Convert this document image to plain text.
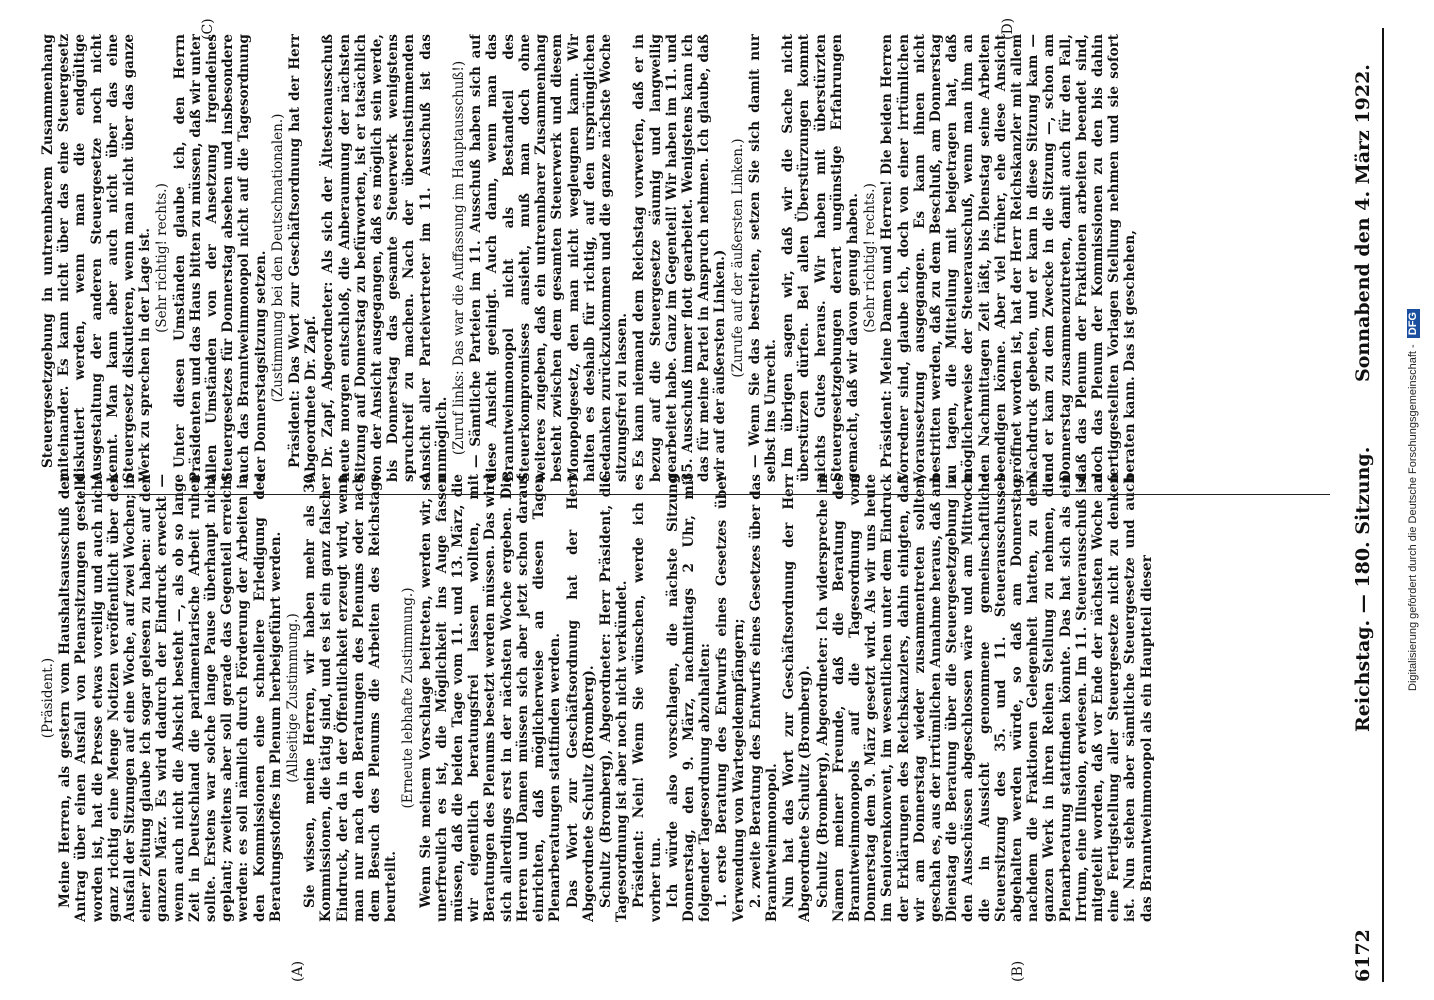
6172
Reichstag. — 180. Sitzung.
Sonnabend den 4. März 1922.
(A)	(B)
(C)	(D)

(Präsident.) Meine Herren, als gestern vom Haushaltsausschuß der Antrag über einen Ausfall von Plenarsitzungen gestellt worden ist, hat die Presse etwas voreilig und auch nicht ganz richtig eine Menge Notizen veröffentlicht über den Ausfall der Sitzungen auf eine Woche, auf zwei Wochen; in einer Zeitung glaube ich sogar gelesen zu haben: auf den ganzen März. Es wird dadurch der Eindruck erweckt — wenn auch nicht die Absicht besteht —, als ob so lange Zeit in Deutschland die parlamentarische Arbeit ruhen sollte. Erstens war solche lange Pause überhaupt nicht geplant; zweitens aber soll gerade das Gegenteil erreicht werden: es soll nämlich durch Förderung der Arbeiten in den Kommissionen eine schnellere Erledigung des Beratungsstoffes im Plenum herbeigeführt werden. (Allseitige Zustimmung.) Sie wissen, meine Herren, wir haben mehr als 30 Kommissionen, die tätig sind, und es ist ein ganz falscher Eindruck, der da in der Öffentlichkeit erzeugt wird, wenn man nur nach den Beratungen des Plenums oder nach dem Besuch des Plenums die Arbeiten des Reichstags beurteilt.

(Erneute lebhafte Zustimmung.) Wenn Sie meinem Vorschlage beitreten, werden wir, so unerfreulich es ist, die Möglichkeit ins Auge fassen müssen, daß die beiden Tage vom 11. und 13. März, die wir eigentlich beratungsfrei lassen wollten, mit Beratungen des Plenums besetzt werden müssen. Das wird sich allerdings erst in der nächsten Woche ergeben. Die Herren und Damen müssen sich aber jetzt schon darauf einrichten, daß möglicherweise an diesen Tagen Plenarberatungen stattfinden werden. Das Wort zur Geschäftsordnung hat der Herr Abgeordnete Schultz (Bromberg). Schultz (Bromberg), Abgeordneter: Herr Präsident, die Tagesordnung ist aber noch nicht verkündet. Präsident: Nein! Wenn Sie wünschen, werde ich es vorher tun. Ich würde also vorschlagen, die nächste Sitzung Donnerstag, den 9. März, nachmittags 2 Uhr, mit folgender Tagesordnung abzuhalten: 1. erste Beratung des Entwurfs eines Gesetzes über Verwendung von Wartegeldempfängern; 2. zweite Beratung des Entwurfs eines Gesetzes über das Branntweinmonopol. Nun hat das Wort zur Geschäftsordnung der Herr Abgeordnete Schultz (Bromberg). Schultz (Bromberg), Abgeordneter: Ich widerspreche im Namen meiner Freunde, daß die Beratung des Branntweinmonopols auf die Tagesordnung vom Donnerstag dem 9. März gesetzt wird. Als wir uns heute im Seniorenkonvent, im wesentlichen unter dem Eindruck der Erklärungen des Reichskanzlers, dahin einigten, daß wir am Donnerstag wieder zusammentreten sollten, geschah es, aus der irrtümlichen Annahme heraus, daß am Dienstag die Beratung über die Steuergesetzgebung in den Ausschüssen abgeschlossen wäre und am Mittwoch die in Aussicht genommene gemeinschaftliche Steuersitzung des 35. und 11. Steuerausschusses abgehalten werden würde, so daß am Donnerstag, nachdem die Fraktionen Gelegenheit hatten, zu dem ganzen Werk in ihren Reihen Stellung zu nehmen, die Plenarberatung stattfinden könnte. Das hat sich als ein Irrtum, eine Illusion, erwiesen. Im 11. Steuerausschuß ist mitgeteilt worden, daß vor Ende der nächsten Woche an eine Fertigstellung aller Steuergesetze nicht zu denken ist. Nun stehen aber sämtliche Steuergesetze und auch das Branntweinmonopol als ein Hauptteil dieser

Steuergesetzgebung in untrennbarem Zusammenhang miteinander. Es kann nicht über das eine Steuergesetz diskutiert werden, wenn man die endgültige Ausgestaltung der anderen Steuergesetze noch nicht kennt. Man kann aber auch nicht über das eine Steuergesetz diskutieren, wenn man nicht über das ganze Werk zu sprechen in der Lage ist. (Sehr richtig! rechts.) Unter diesen Umständen glaube ich, den Herrn Präsidenten und das Haus bitten zu müssen, daß wir unter allen Umständen von der Ansetzung irgendeines Steuergesetzes für Donnerstag absehen und insbesondere auch das Branntweinmonopol nicht auf die Tagesordnung der Donnerstagsitzung setzen. (Zustimmung bei den Deutschnationalen.) Präsident: Das Wort zur Geschäftsordnung hat der Herr Abgeordnete Dr. Zapf. Dr. Zapf, Abgeordneter: Als sich der Ältestenausschuß heute morgen entschloß, die Anberaumung der nächsten Sitzung auf Donnerstag zu befürworten, ist er tatsächlich von der Ansicht ausgegangen, daß es möglich sein werde, bis Donnerstag das gesamte Steuerwerk wenigstens spruchreif zu machen. Nach der übereinstimmenden Ansicht aller Parteivertreter im 11. Ausschuß ist das unmöglich. (Zuruf links: Das war die Auffassung im Hauptausschuß!) — Sämtliche Parteien im 11. Ausschuß haben sich auf diese Ansicht geeinigt. Auch dann, wenn man das Branntweinmonopol nicht als Bestandteil des Steuerkompromisses ansieht, muß man doch ohne weiteres zugeben, daß ein untrennbarer Zusammenhang besteht zwischen dem gesamten Steuerwerk und diesem Monopolgesetz, den man nicht wegleugnen kann. Wir halten es deshalb für richtig, auf den ursprünglichen Gedanken zurückzukommen und die ganze nächste Woche sitzungsfrei zu lassen. Es kann niemand dem Reichstag vorwerfen, daß er in bezug auf die Steuergesetze säumig und langweilig gearbeitet habe. Ganz im Gegenteil! Wir haben im 11. und 35. Ausschuß immer flott gearbeitet. Wenigstens kann ich das für meine Partei in Anspruch nehmen. Ich glaube, daß wir auf der äußersten Linken.) (Zurufe auf der äußersten Linken.) — Wenn Sie das bestreiten, setzen Sie sich damit nur selbst ins Unrecht. Im übrigen sagen wir, daß wir die Sache nicht überstürzen dürfen. Bei allen Überstürzungen kommt nichts Gutes heraus. Wir haben mit überstürzten Steuergesetzgebungen derart ungünstige Erfahrungen gemacht, daß wir davon genug haben. (Sehr richtig! rechts.) Präsident: Meine Damen und Herren! Die beiden Herren Vorredner sind, glaube ich, doch von einer irrtümlichen Voraussetzung ausgegangen. Es kann ihnen nicht bestritten werden, daß zu dem Beschluß, am Donnerstag zu tagen, die Mitteilung mit beigetragen hat, daß möglicherweise der Steuerausschuß, wenn man ihm an den Nachmittagen Zeit läßt, bis Dienstag seine Arbeiten beendigen könne. Aber viel früher, ehe diese Ansicht eröffnet worden ist, hat der Herr Reichskanzler mit allem Nachdruck gebeten, und er kam in diese Sitzung kam — und er kam zu dem Zwecke in die Sitzung —, schon am Donnerstag zusammenzutreten, damit auch für den Fall, daß das Plenum der Fraktionen arbeiten beendet sind, doch das Plenum der Kommissionen zu den bis dahin fertiggestellten Vorlagen Stellung nehmen und sie sofort beraten kann. Das ist geschehen,	Digitalisierung gefördert durch die Deutsche Forschungsgemeinschaft - DFG
